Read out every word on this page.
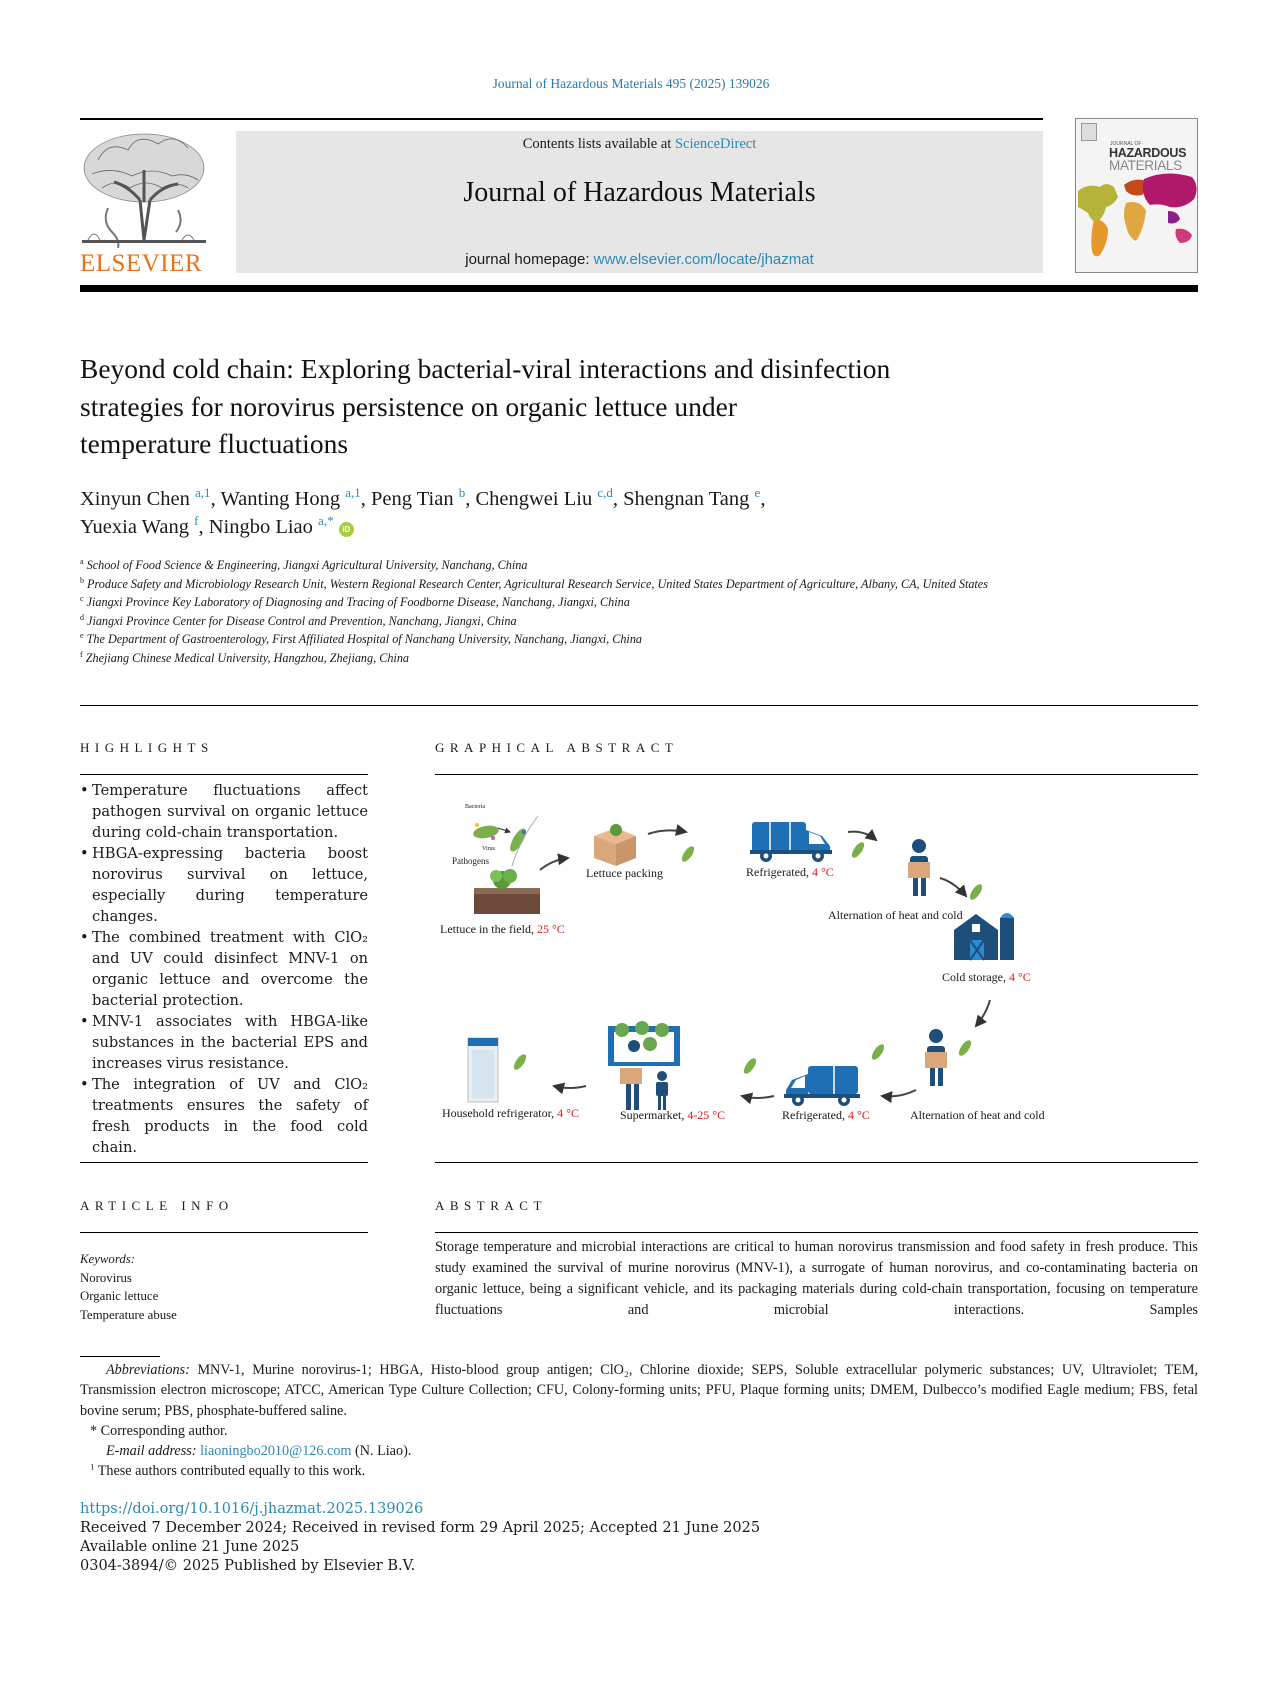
Journal of Hazardous Materials 495 (2025) 139026
ELSEVIER
Contents lists available at ScienceDirect
Journal of Hazardous Materials
journal homepage: www.elsevier.com/locate/jhazmat
JOURNAL OF
HAZARDOUS
MATERIALS
Beyond cold chain: Exploring bacterial-viral interactions and disinfection
strategies for norovirus persistence on organic lettuce under
temperature fluctuations
Xinyun Chen $^{a,1}$, Wanting Hong $^{a,1}$, Peng Tian $^b$, Chengwei Liu $^{c,d}$, Shengnan Tang $^e$,
Yuexia Wang $^f$, Ningbo Liao $^{a,*}$ iD
$^a$ School of Food Science & Engineering, Jiangxi Agricultural University, Nanchang, China
$^b$ Produce Safety and Microbiology Research Unit, Western Regional Research Center, Agricultural Research Service, United States Department of Agriculture, Albany, CA, United States
$^c$ Jiangxi Province Key Laboratory of Diagnosing and Tracing of Foodborne Disease, Nanchang, Jiangxi, China
$^d$ Jiangxi Province Center for Disease Control and Prevention, Nanchang, Jiangxi, China
$^e$ The Department of Gastroenterology, First Affiliated Hospital of Nanchang University, Nanchang, Jiangxi, China
$^f$ Zhejiang Chinese Medical University, Hangzhou, Zhejiang, China
HIGHLIGHTS
• Temperature fluctuations affect pathogen survival on organic lettuce during cold-chain transportation.
• HBGA-expressing bacteria boost norovirus survival on lettuce, especially during temperature changes.
• The combined treatment with ClO₂ and UV could disinfect MNV-1 on organic lettuce and overcome the bacterial protection.
• MNV-1 associates with HBGA-like substances in the bacterial EPS and increases virus resistance.
• The integration of UV and ClO₂ treatments ensures the safety of fresh products in the food cold chain.
GRAPHICAL ABSTRACT
Bacteria
Virus
Pathogens
Lettuce in the field, 25 °C
Lettuce packing	Refrigerated, 4 °C
Alternation of heat and cold
Cold storage, 4 °C
Alternation of heat and cold
Refrigerated, 4 °C
Supermarket, 4-25 °C
Household refrigerator, 4 °C
ARTICLE INFO
Keywords:
Norovirus
Organic lettuce
Temperature abuse
ABSTRACT

Storage temperature and microbial interactions are critical to human norovirus transmission and food safety in fresh produce. This study examined the survival of murine norovirus (MNV-1), a surrogate of human norovirus, and co-contaminating bacteria on organic lettuce, being a significant vehicle, and its packaging materials during cold-chain transportation, focusing on temperature fluctuations and microbial interactions. Samples

Abbreviations: MNV-1, Murine norovirus-1; HBGA, Histo-blood group antigen; ClO₂, Chlorine dioxide; SEPS, Soluble extracellular polymeric substances; UV, Ultraviolet; TEM, Transmission electron microscope; ATCC, American Type Culture Collection; CFU, Colony-forming units; PFU, Plaque forming units; DMEM, Dulbecco’s modified Eagle medium; FBS, fetal bovine serum; PBS, phosphate-buffered saline.
* Corresponding author.
E-mail address: liaoningbo2010@126.com (N. Liao).
$^1$ These authors contributed equally to this work.
https://doi.org/10.1016/j.jhazmat.2025.139026
Received 7 December 2024; Received in revised form 29 April 2025; Accepted 21 June 2025
Available online 21 June 2025
0304-3894/© 2025 Published by Elsevier B.V.
